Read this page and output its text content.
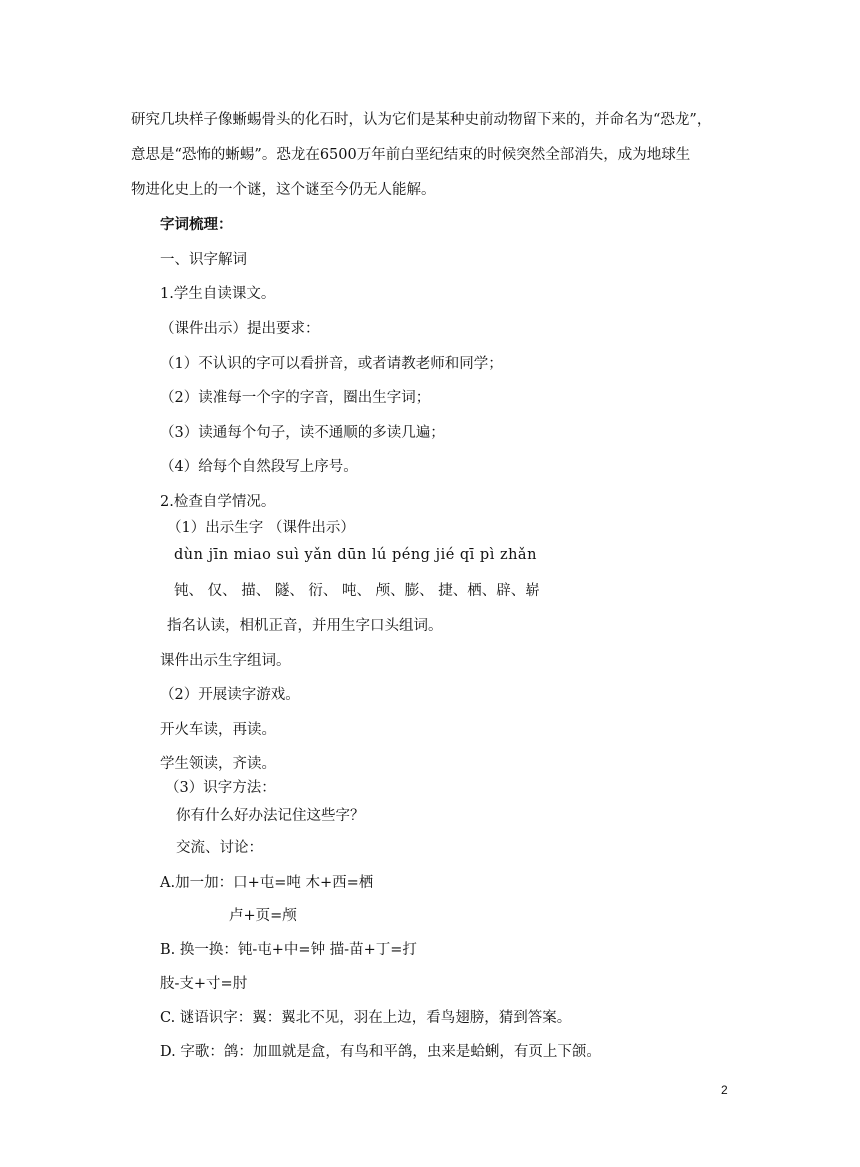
研究几块样子像蜥蜴骨头的化石时，认为它们是某种史前动物留下来的，并命名为“恐龙”，
意思是“恐怖的蜥蜴”。恐龙在6500万年前白垩纪结束的时候突然全部消失，成为地球生
物进化史上的一个谜，这个谜至今仍无人能解。
字词梳理：
一、识字解词
1.学生自读课文。
（课件出示）提出要求：
（1）不认识的字可以看拼音，或者请教老师和同学；
（2）读准每一个字的字音，圈出生字词；
（3）读通每个句子，读不通顺的多读几遍；
（4）给每个自然段写上序号。
2.检查自学情况。
（1）出示生字 （课件出示）
dùn jīn miao suì yǎn dūn lú péng jié qī pì zhǎn
钝、 仅、 描、 隧、 衍、 吨、 颅、膨、 捷、栖、辟、崭
指名认读，相机正音，并用生字口头组词。
课件出示生字组词。
（2）开展读字游戏。
开火车读，再读。
学生领读，齐读。
（3）识字方法：
你有什么好办法记住这些字？
交流、讨论：
A.加一加：口+屯=吨 木+西=栖
卢+页=颅
B. 换一换：钝-屯+中=钟 描-苗+丁=打
肢-支+寸=肘
C. 谜语识字：翼：翼北不见，羽在上边，看鸟翅膀，猜到答案。
D. 字歌：鸽：加皿就是盒，有鸟和平鸽，虫来是蛤蜊，有页上下颌。
2
